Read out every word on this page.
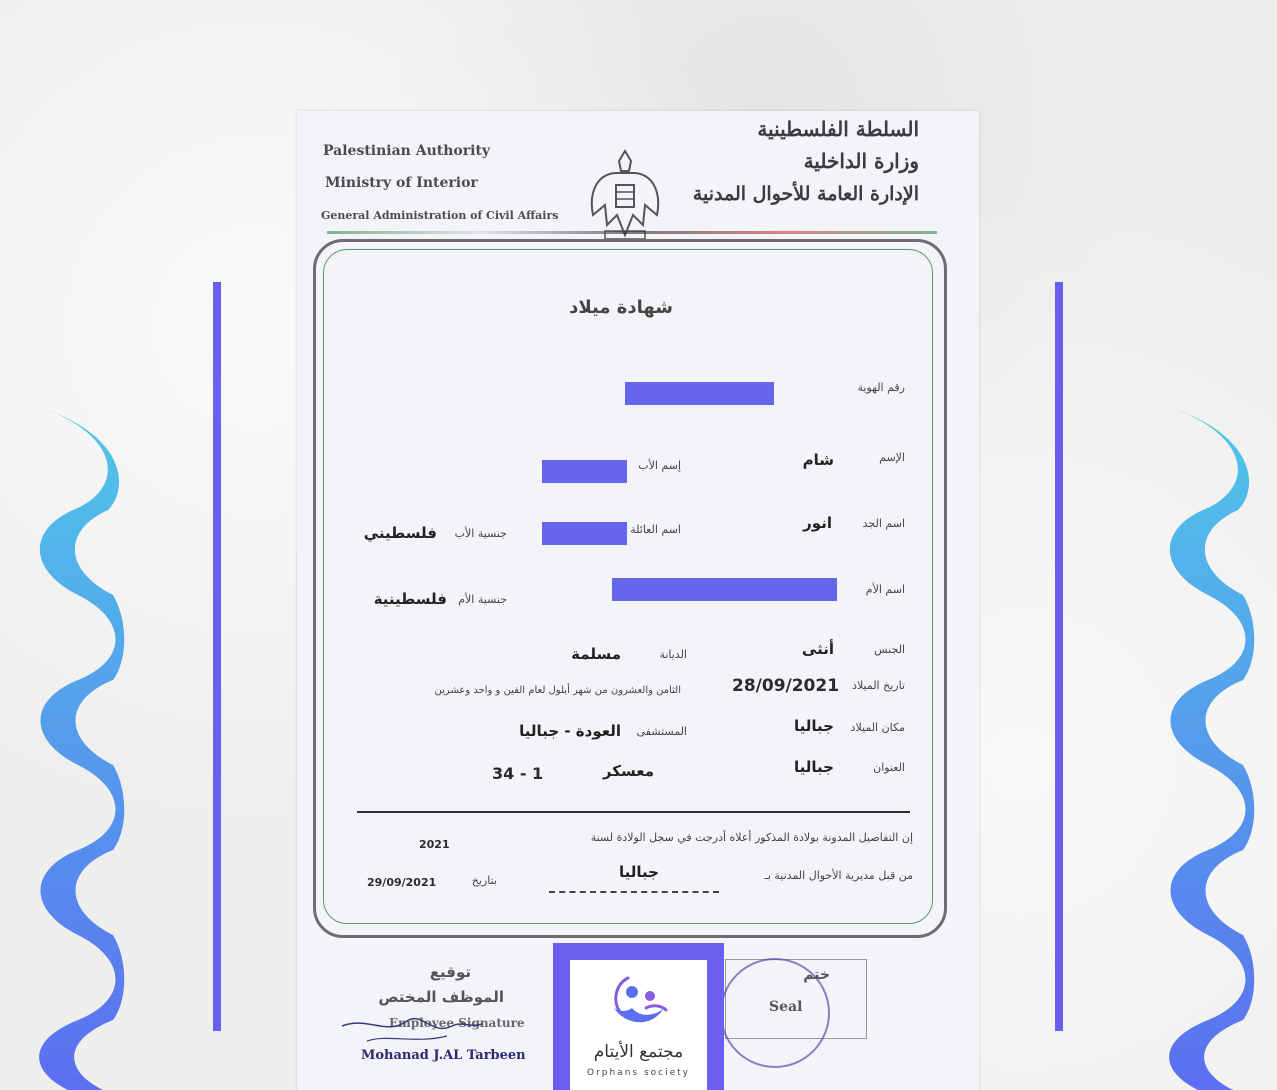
Palestinian Authority
Ministry of Interior
General Administration of Civil Affairs
السلطة الفلسطينية
وزارة الداخلية
الإدارة العامة للأحوال المدنية
شهادة ميلاد
رقم الهوية
الإسم
شام
إسم الأب
اسم الجد
انور
اسم العائلة
جنسية الأب
فلسطيني
اسم الأم
جنسية الأم
فلسطينية
الجنس
أنثى
الديانة
مسلمة
تاريخ الميلاد
28/09/2021
الثامن والعشرون من شهر أيلول لعام الفين و واحد وعشرين
مكان الميلاد
جباليا
المستشفى
العودة - جباليا
العنوان
جباليا
معسكر
34 - 1
إن التفاصيل المدونة بولادة المذكور أعلاه أدرجت في سجل الولادة لسنة
2021
من قبل مديرية الأحوال المدنية بـ
جباليا
بتاريخ
29/09/2021
توقيع
الموظف المختص
Employee Signature
Mohanad J.AL Tarbeen
ختم
Seal
مجتمع الأيتام
Orphans society
